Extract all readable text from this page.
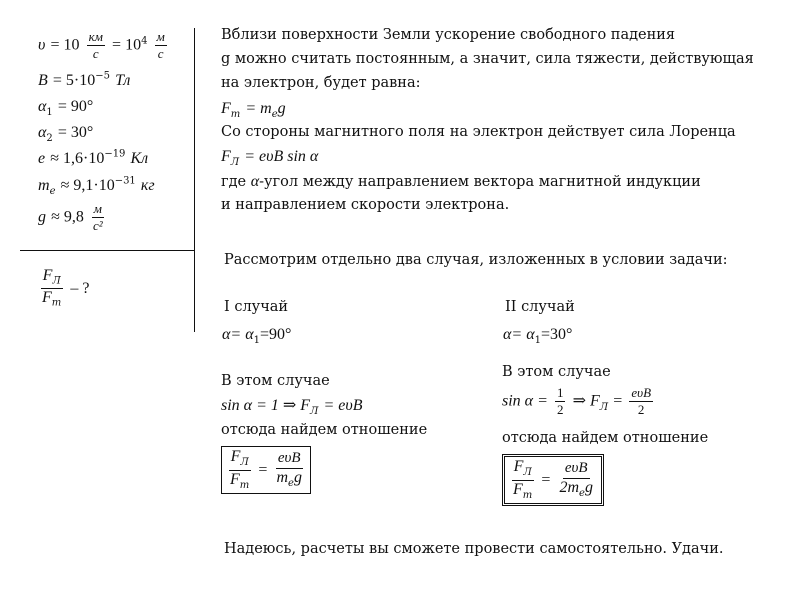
$\upsilon = 10 \frac{км}{с} = 10^4 \frac{м}{с}$
$B = 5\cdot 10^{-5}$ Тл
$\alpha_1 = 90^\circ$
$\alpha_2 = 30^\circ$
$e \approx 1,6\cdot 10^{-19}$ Кл
$m_e \approx 9,1\cdot 10^{-31}$ кг
$g \approx 9,8 \frac{м}{\text{с²}}$
$\frac{F_Л}{F_т}$ – ?
Вблизи поверхности Земли ускорение свободного падения
g можно считать постоянным, а значит, сила тяжести, действующая
на электрон, будет равна:
$F_т = m_eg$
Со стороны магнитного поля на электрон действует сила Лоренца
$F_Л = e\upsilon B$ sin α
где α-угол между направлением вектора магнитной индукции
и направлением скорости электрона.
Рассмотрим отдельно два случая, изложенных в условии задачи:
I случай
$\alpha= \alpha_1=90^\circ$
В этом случае
sin α = 1 ⇒ $F_Л = e\upsilon B$
отсюда найдем отношение
$\frac{F_Л}{F_т} = \frac{\text{eυB}}{m_eg}$
II случай
$\alpha= \alpha_1=30^\circ$
В этом случае
$\sin \alpha = \frac{1}{2}$ ⇒ $F_Л = \frac{\text{eυB}}{2}$
отсюда найдем отношение
$\frac{F_Л}{F_т} = \frac{\text{eυB}}{2m_eg}$
Надеюсь, расчеты вы сможете провести самостоятельно. Удачи.
